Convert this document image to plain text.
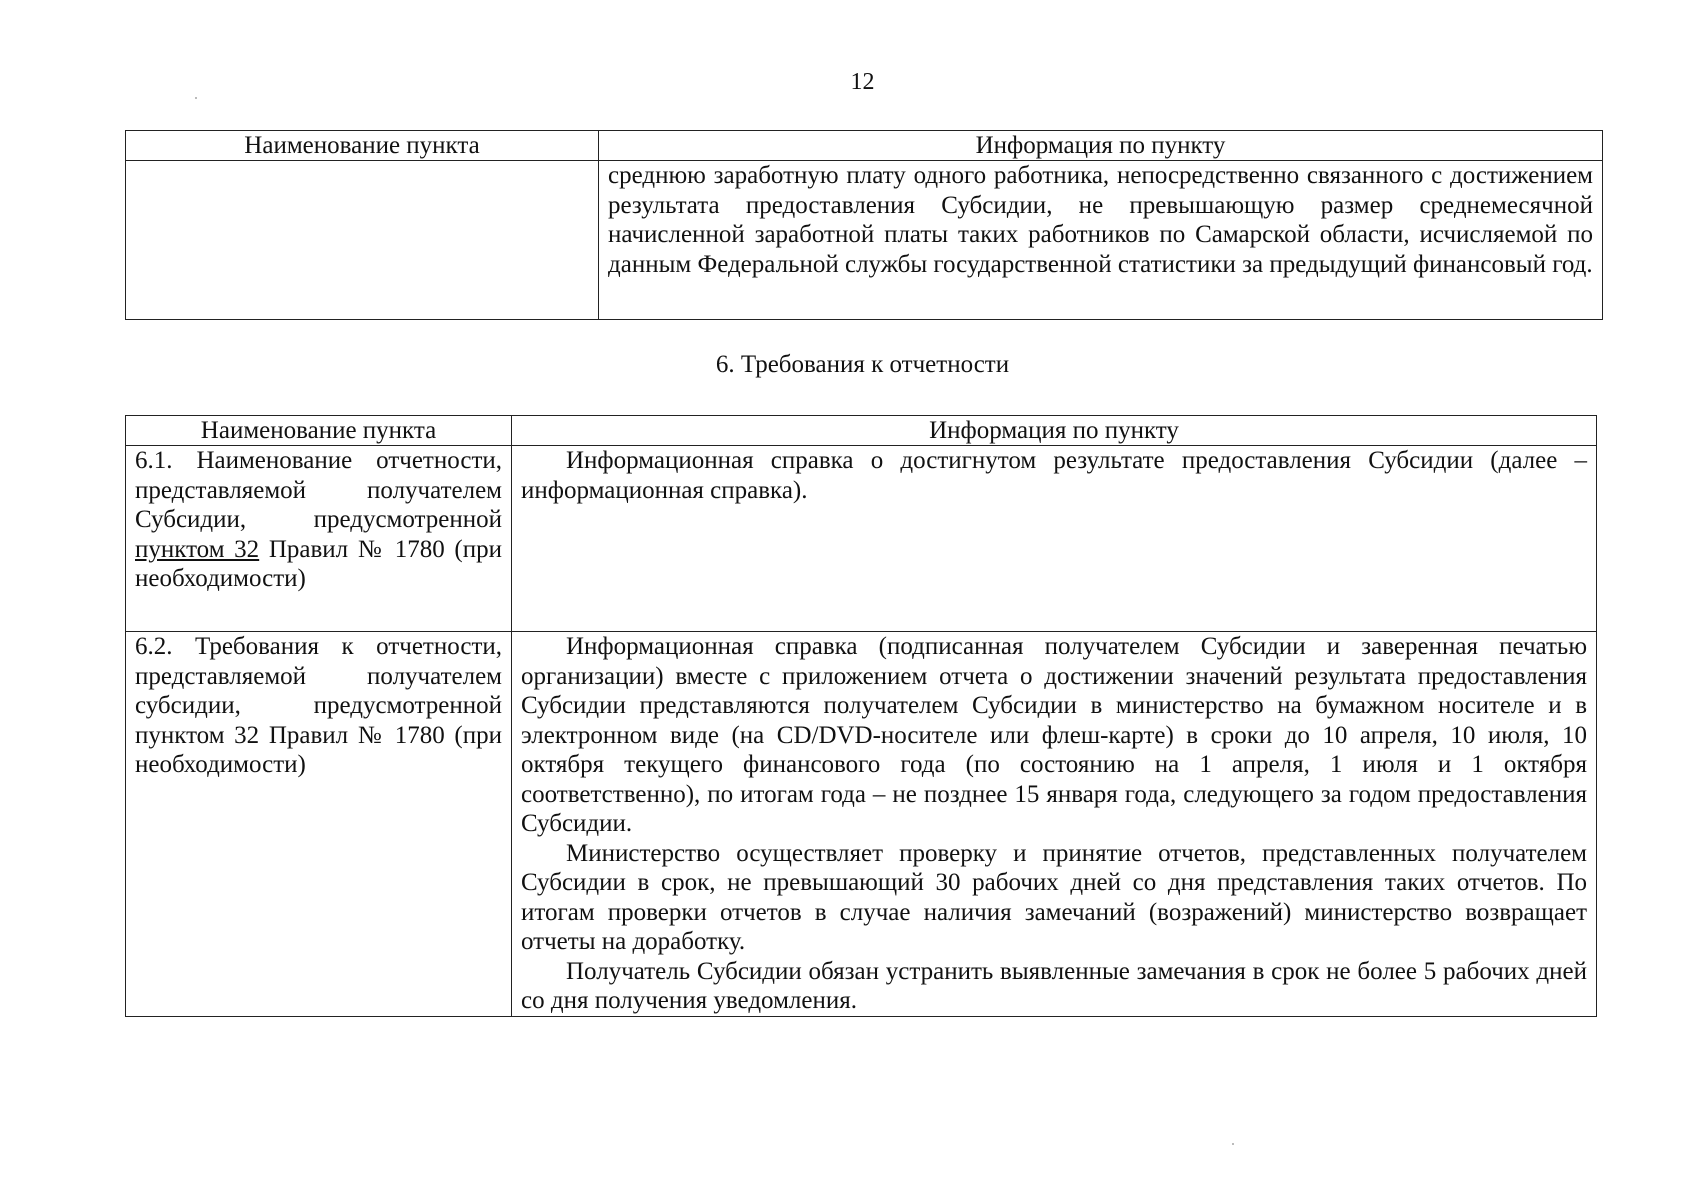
12
Наименование пункта	Информация по пункту
	среднюю заработную плату одного работника, непосредственно связанного с достижением результата предоставления Субсидии, не превышающую размер среднемесячной начисленной заработной платы таких работников по Самарской области, исчисляемой по данным Федеральной службы государственной статистики за предыдущий финансовый год.
6. Требования к отчетности
Наименование пункта	Информация по пункту
6.1. Наименование отчетности, представляемой получателем Субсидии, предусмотренной пунктом 32 Правил № 1780 (при необходимости)	Информационная справка о достигнутом результате предоставления Субсидии (далее – информационная справка).

6.2. Требования к отчетности, представляемой получателем субсидии, предусмотренной пунктом 32 Правил № 1780 (при необходимости)	Информационная справка (подписанная получателем Субсидии и заверенная печатью организации) вместе с приложением отчета о достижении значений результата предоставления Субсидии представляются получателем Субсидии в министерство на бумажном носителе и в электронном виде (на CD/DVD-носителе или флеш-карте) в сроки до 10 апреля, 10 июля, 10 октября текущего финансового года (по состоянию на 1 апреля, 1 июля и 1 октября соответственно), по итогам года – не позднее 15 января года, следующего за годом предоставления Субсидии.

Министерство осуществляет проверку и принятие отчетов, представленных получателем Субсидии в срок, не превышающий 30 рабочих дней со дня представления таких отчетов. По итогам проверки отчетов в случае наличия замечаний (возражений) министерство возвращает отчеты на доработку.

Получатель Субсидии обязан устранить выявленные замечания в срок не более 5 рабочих дней со дня получения уведомления.
